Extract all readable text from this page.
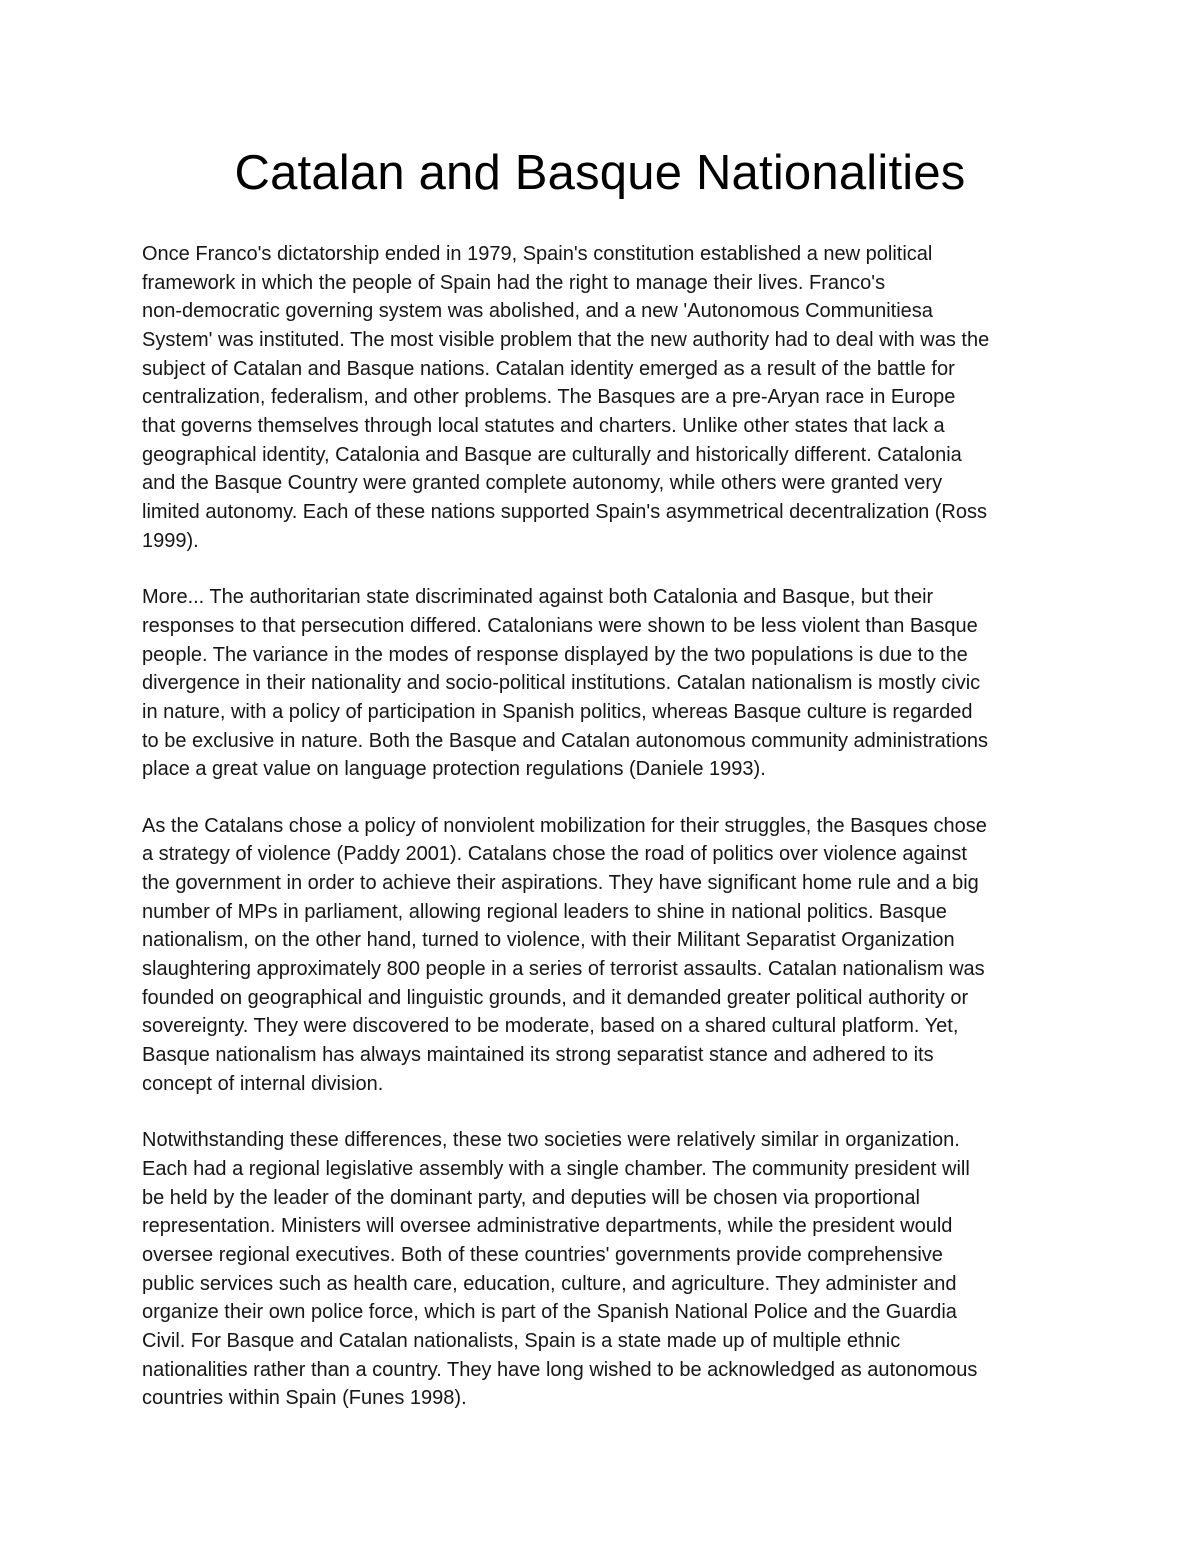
Catalan and Basque Nationalities

Once Franco's dictatorship ended in 1979, Spain's constitution established a new political
framework in which the people of Spain had the right to manage their lives. Franco's
non-democratic governing system was abolished, and a new 'Autonomous Communitiesa
System' was instituted. The most visible problem that the new authority had to deal with was the
subject of Catalan and Basque nations. Catalan identity emerged as a result of the battle for
centralization, federalism, and other problems. The Basques are a pre-Aryan race in Europe
that governs themselves through local statutes and charters. Unlike other states that lack a
geographical identity, Catalonia and Basque are culturally and historically different. Catalonia
and the Basque Country were granted complete autonomy, while others were granted very
limited autonomy. Each of these nations supported Spain's asymmetrical decentralization (Ross
1999).

More... The authoritarian state discriminated against both Catalonia and Basque, but their
responses to that persecution differed. Catalonians were shown to be less violent than Basque
people. The variance in the modes of response displayed by the two populations is due to the
divergence in their nationality and socio-political institutions. Catalan nationalism is mostly civic
in nature, with a policy of participation in Spanish politics, whereas Basque culture is regarded
to be exclusive in nature. Both the Basque and Catalan autonomous community administrations
place a great value on language protection regulations (Daniele 1993).

As the Catalans chose a policy of nonviolent mobilization for their struggles, the Basques chose
a strategy of violence (Paddy 2001). Catalans chose the road of politics over violence against
the government in order to achieve their aspirations. They have significant home rule and a big
number of MPs in parliament, allowing regional leaders to shine in national politics. Basque
nationalism, on the other hand, turned to violence, with their Militant Separatist Organization
slaughtering approximately 800 people in a series of terrorist assaults. Catalan nationalism was
founded on geographical and linguistic grounds, and it demanded greater political authority or
sovereignty. They were discovered to be moderate, based on a shared cultural platform. Yet,
Basque nationalism has always maintained its strong separatist stance and adhered to its
concept of internal division.

Notwithstanding these differences, these two societies were relatively similar in organization.
Each had a regional legislative assembly with a single chamber. The community president will
be held by the leader of the dominant party, and deputies will be chosen via proportional
representation. Ministers will oversee administrative departments, while the president would
oversee regional executives. Both of these countries' governments provide comprehensive
public services such as health care, education, culture, and agriculture. They administer and
organize their own police force, which is part of the Spanish National Police and the Guardia
Civil. For Basque and Catalan nationalists, Spain is a state made up of multiple ethnic
nationalities rather than a country. They have long wished to be acknowledged as autonomous
countries within Spain (Funes 1998).
